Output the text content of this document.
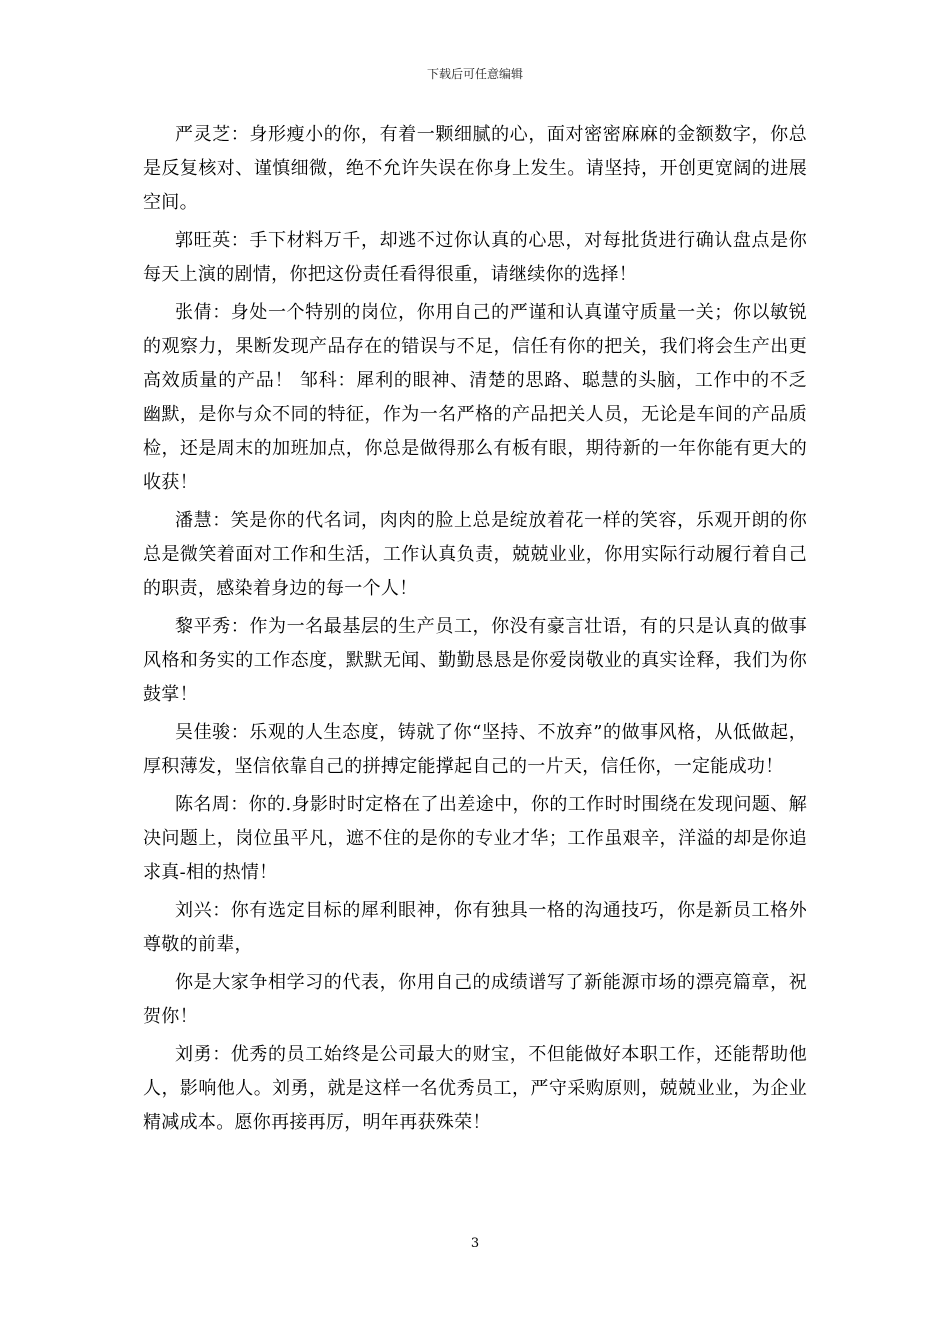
下载后可任意编辑

严灵芝：身形瘦小的你，有着一颗细腻的心，面对密密麻麻的金额数字，你总是反复核对、谨慎细微，绝不允许失误在你身上发生。请坚持，开创更宽阔的进展空间。

郭旺英：手下材料万千，却逃不过你认真的心思，对每批货进行确认盘点是你每天上演的剧情，你把这份责任看得很重，请继续你的选择！

张倩：身处一个特别的岗位，你用自己的严谨和认真谨守质量一关；你以敏锐的观察力，果断发现产品存在的错误与不足，信任有你的把关，我们将会生产出更高效质量的产品！ 邹科：犀利的眼神、清楚的思路、聪慧的头脑，工作中的不乏幽默，是你与众不同的特征，作为一名严格的产品把关人员，无论是车间的产品质检，还是周末的加班加点，你总是做得那么有板有眼，期待新的一年你能有更大的收获！

潘慧：笑是你的代名词，肉肉的脸上总是绽放着花一样的笑容，乐观开朗的你总是微笑着面对工作和生活，工作认真负责，兢兢业业，你用实际行动履行着自己的职责，感染着身边的每一个人！

黎平秀：作为一名最基层的生产员工，你没有豪言壮语，有的只是认真的做事风格和务实的工作态度，默默无闻、勤勤恳恳是你爱岗敬业的真实诠释，我们为你鼓掌！

吴佳骏：乐观的人生态度，铸就了你“坚持、不放弃”的做事风格，从低做起，厚积薄发，坚信依靠自己的拼搏定能撑起自己的一片天，信任你，一定能成功！

陈名周：你的.身影时时定格在了出差途中，你的工作时时围绕在发现问题、解决问题上，岗位虽平凡，遮不住的是你的专业才华；工作虽艰辛，洋溢的却是你追求真-相的热情！

刘兴：你有选定目标的犀利眼神，你有独具一格的沟通技巧，你是新员工格外尊敬的前辈，

你是大家争相学习的代表，你用自己的成绩谱写了新能源市场的漂亮篇章，祝贺你！

刘勇：优秀的员工始终是公司最大的财宝，不但能做好本职工作，还能帮助他人，影响他人。刘勇，就是这样一名优秀员工，严守采购原则，兢兢业业，为企业精减成本。愿你再接再厉，明年再获殊荣！

3
